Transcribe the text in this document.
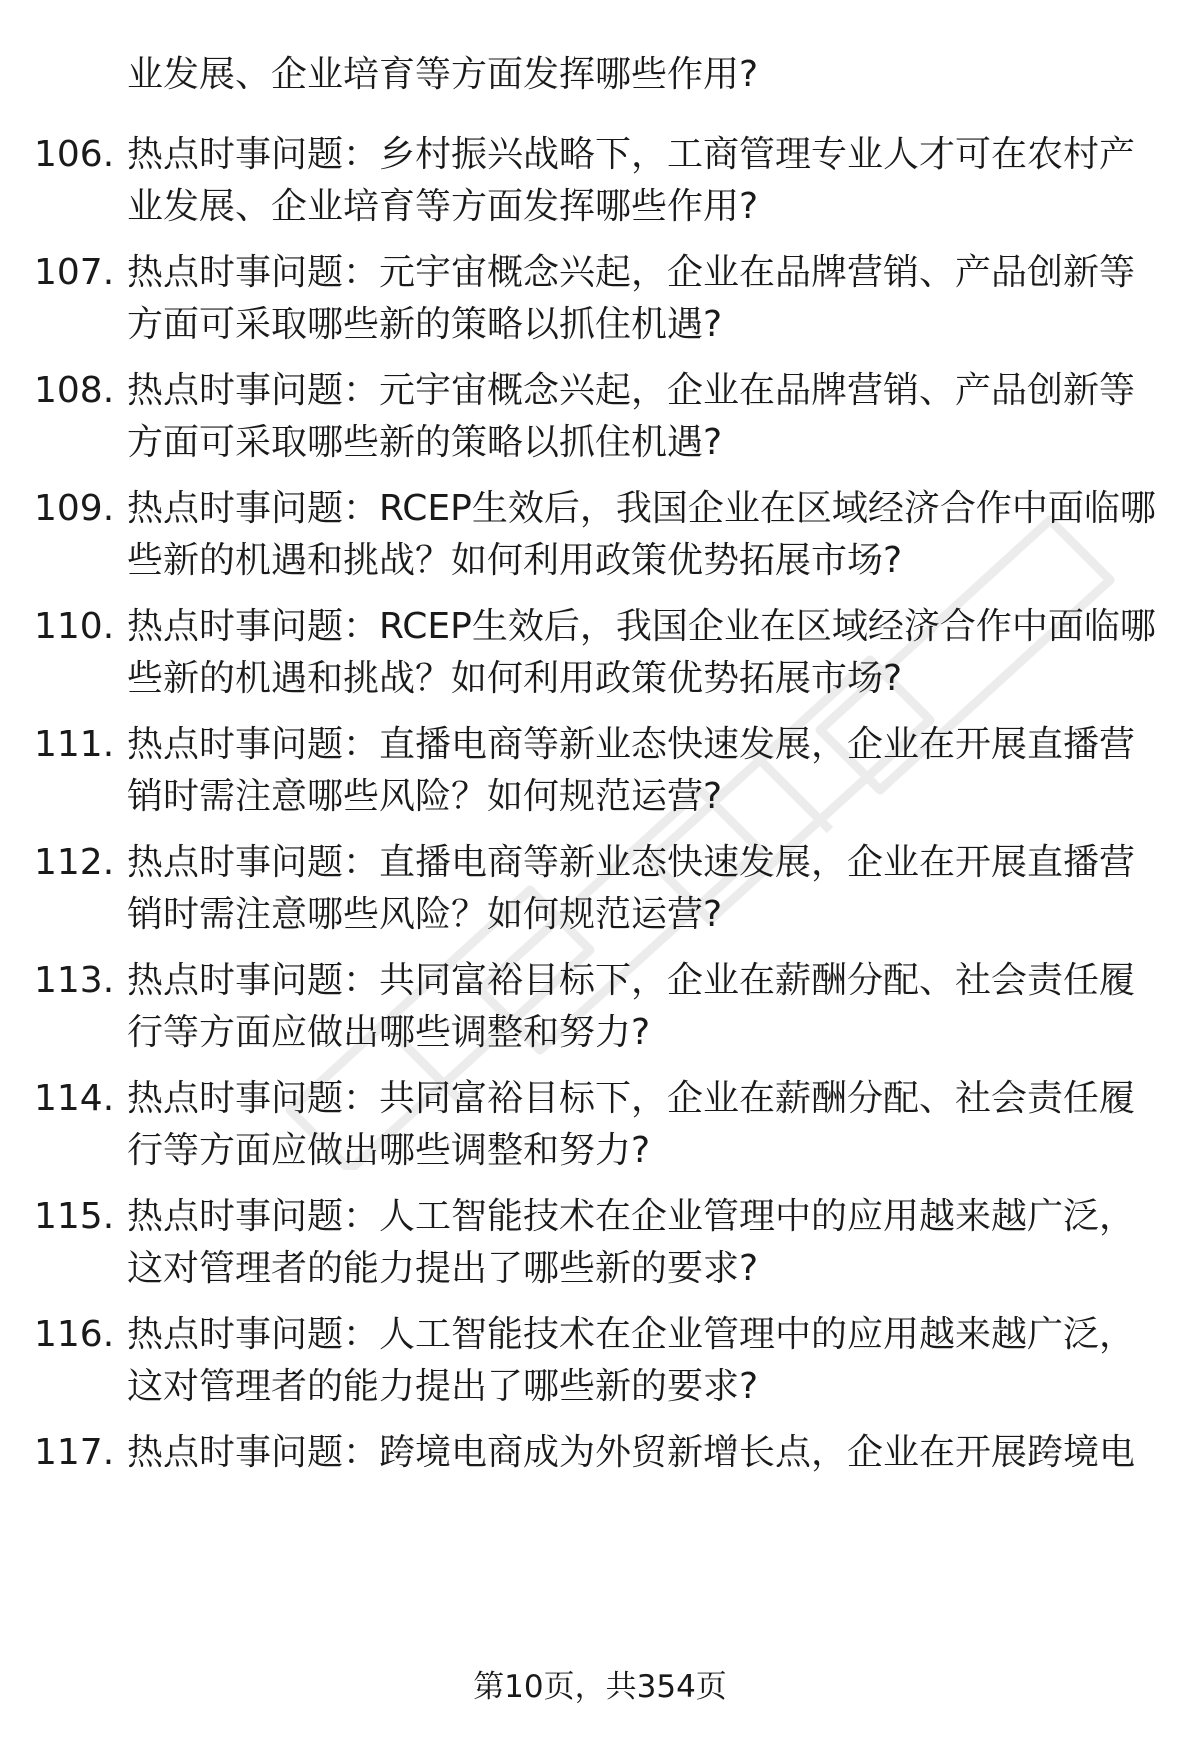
业发展、企业培育等方面发挥哪些作用?
106. 热点时事问题：乡村振兴战略下，工商管理专业人才可在农村产
业发展、企业培育等方面发挥哪些作用?
107. 热点时事问题：元宇宙概念兴起，企业在品牌营销、产品创新等
方面可采取哪些新的策略以抓住机遇?
108. 热点时事问题：元宇宙概念兴起，企业在品牌营销、产品创新等
方面可采取哪些新的策略以抓住机遇?
109. 热点时事问题：RCEP生效后，我国企业在区域经济合作中面临哪
些新的机遇和挑战？如何利用政策优势拓展市场?
110. 热点时事问题：RCEP生效后，我国企业在区域经济合作中面临哪
些新的机遇和挑战？如何利用政策优势拓展市场?
111. 热点时事问题：直播电商等新业态快速发展，企业在开展直播营
销时需注意哪些风险？如何规范运营?
112. 热点时事问题：直播电商等新业态快速发展，企业在开展直播营
销时需注意哪些风险？如何规范运营?
113. 热点时事问题：共同富裕目标下，企业在薪酬分配、社会责任履
行等方面应做出哪些调整和努力?
114. 热点时事问题：共同富裕目标下，企业在薪酬分配、社会责任履
行等方面应做出哪些调整和努力?
115. 热点时事问题：人工智能技术在企业管理中的应用越来越广泛，
这对管理者的能力提出了哪些新的要求?
116. 热点时事问题：人工智能技术在企业管理中的应用越来越广泛，
这对管理者的能力提出了哪些新的要求?
117. 热点时事问题：跨境电商成为外贸新增长点，企业在开展跨境电
第10页，共354页
